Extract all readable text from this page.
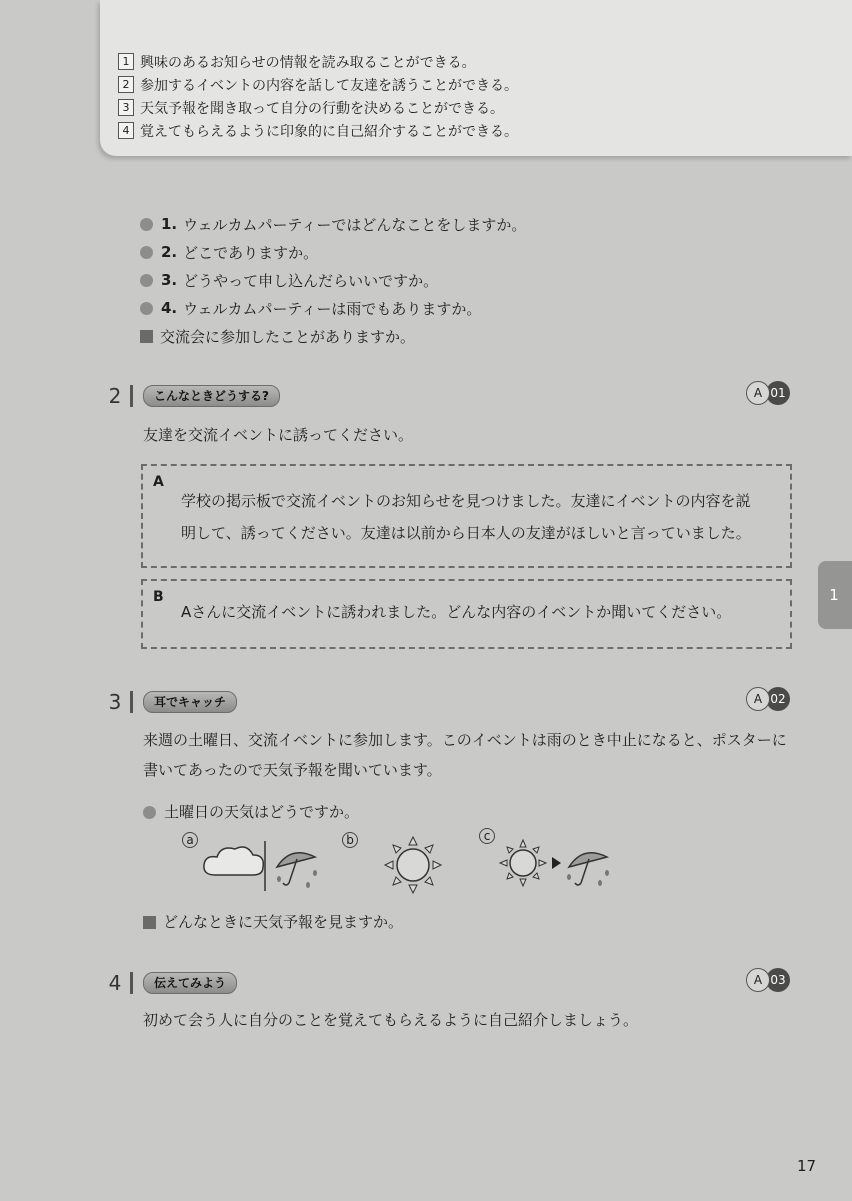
1 興味のあるお知らせの情報を読み取ることができる。
2 参加するイベントの内容を話して友達を誘うことができる。
3 天気予報を聞き取って自分の行動を決めることができる。
4 覚えてもらえるように印象的に自己紹介することができる。
1. ウェルカムパーティーではどんなことをしますか。
2. どこでありますか。
3. どうやって申し込んだらいいですか。
4. ウェルカムパーティーは雨でもありますか。
交流会に参加したことがありますか。
2	こんなときどうする?	A 01
友達を交流イベントに誘ってください。
A
学校の掲示板で交流イベントのお知らせを見つけました。友達にイベントの内容を説
明して、誘ってください。友達は以前から日本人の友達がほしいと言っていました。
B
Aさんに交流イベントに誘われました。どんな内容のイベントか聞いてください。
1
3	耳でキャッチ	A 02
来週の土曜日、交流イベントに参加します。このイベントは雨のとき中止になると、ポスターに
書いてあったので天気予報を聞いています。
土曜日の天気はどうですか。
a	b	c
どんなときに天気予報を見ますか。
4	伝えてみよう	A 03
初めて会う人に自分のことを覚えてもらえるように自己紹介しましょう。
17
